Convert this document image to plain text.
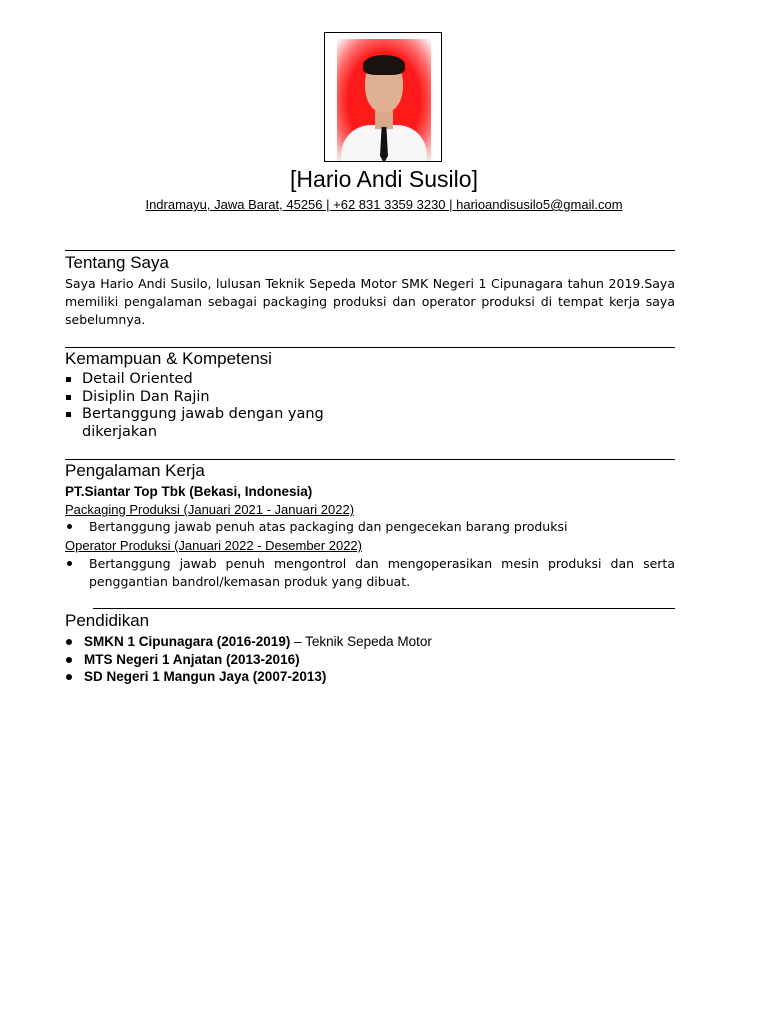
[Hario Andi Susilo]
Indramayu, Jawa Barat, 45256 | +62 831 3359 3230 | harioandisusilo5@gmail.com
Tentang Saya
Saya Hario Andi Susilo, lulusan Teknik Sepeda Motor SMK Negeri 1 Cipunagara tahun 2019.Saya memiliki pengalaman sebagai packaging produksi dan operator produksi di tempat kerja saya sebelumnya.
Kemampuan & Kompetensi
Detail Oriented
Disiplin Dan Rajin
Bertanggung jawab dengan yang dikerjakan
Pengalaman Kerja
PT.Siantar Top Tbk (Bekasi, Indonesia)
Packaging Produksi (Januari 2021 - Januari 2022)
Bertanggung jawab penuh atas packaging dan pengecekan barang produksi
Operator Produksi (Januari 2022 - Desember 2022)
Bertanggung jawab penuh mengontrol dan mengoperasikan mesin produksi dan serta penggantian bandrol/kemasan produk yang dibuat.
Pendidikan
SMKN 1 Cipunagara (2016-2019) – Teknik Sepeda Motor
MTS Negeri 1 Anjatan (2013-2016)
SD Negeri 1 Mangun Jaya (2007-2013)
